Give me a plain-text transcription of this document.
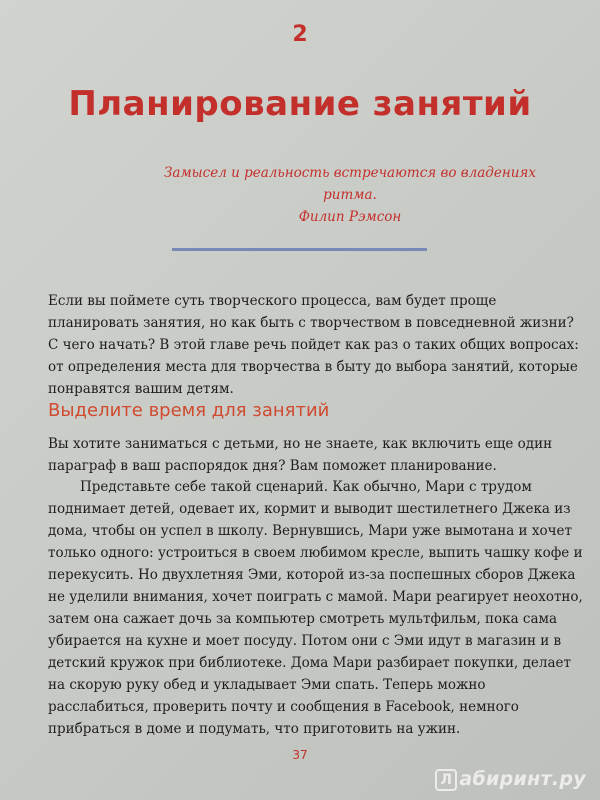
2
Планирование занятий
Замысел и реальность встречаются во владениях ритма.
Филип Рэмсон

Если вы поймете суть творческого процесса, вам будет проще планировать занятия, но как быть с творчеством в повседневной жизни? С чего начать? В этой главе речь пойдет как раз о таких общих вопросах: от определения места для творчества в быту до выбора занятий, которые понравятся вашим детям.

Выделите время для занятий

Вы хотите заниматься с детьми, но не знаете, как включить еще один параграф в ваш распорядок дня? Вам поможет планирование.

Представьте себе такой сценарий. Как обычно, Мари с трудом поднимает детей, одевает их, кормит и выводит шестилетнего Джека из дома, чтобы он успел в школу. Вернувшись, Мари уже вымотана и хочет только одного: устроиться в своем любимом кресле, выпить чашку кофе и перекусить. Но двухлетняя Эми, которой из-за поспешных сборов Джека не уделили внимания, хочет поиграть с мамой. Мари реагирует неохотно, затем она сажает дочь за компьютер смотреть мультфильм, пока сама убирается на кухне и моет посуду. Потом они с Эми идут в магазин и в детский кружок при библиотеке. Дома Мари разбирает покупки, делает на скорую руку обед и укладывает Эми спать. Теперь можно расслабиться, проверить почту и сообщения в Facebook, немного прибраться в доме и подумать, что приготовить на ужин.

37
Л абиринт.ру
